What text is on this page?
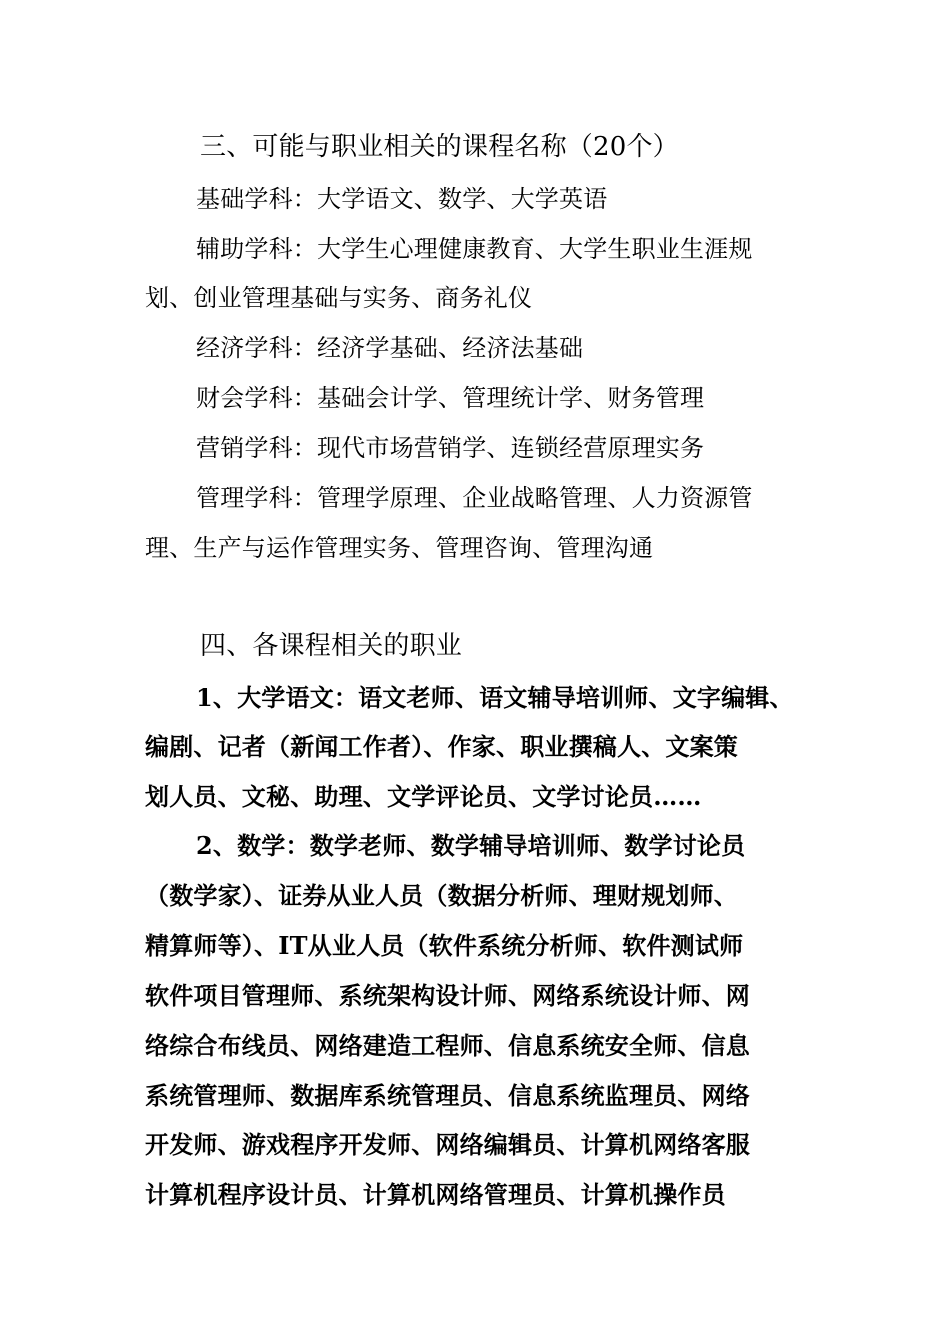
三、可能与职业相关的课程名称（20个）
基础学科：大学语文、数学、大学英语
辅助学科：大学生心理健康教育、大学生职业生涯规
划、创业管理基础与实务、商务礼仪
经济学科：经济学基础、经济法基础
财会学科：基础会计学、管理统计学、财务管理
营销学科：现代市场营销学、连锁经营原理实务
管理学科：管理学原理、企业战略管理、人力资源管
理、生产与运作管理实务、管理咨询、管理沟通
四、各课程相关的职业
1、大学语文：语文老师、语文辅导培训师、文字编辑、
编剧、记者（新闻工作者）、作家、职业撰稿人、文案策
划人员、文秘、助理、文学评论员、文学讨论员……
2、数学：数学老师、数学辅导培训师、数学讨论员
（数学家）、证券从业人员（数据分析师、理财规划师、
精算师等）、IT从业人员（软件系统分析师、软件测试师
软件项目管理师、系统架构设计师、网络系统设计师、网
络综合布线员、网络建造工程师、信息系统安全师、信息
系统管理师、数据库系统管理员、信息系统监理员、网络
开发师、游戏程序开发师、网络编辑员、计算机网络客服
计算机程序设计员、计算机网络管理员、计算机操作员
